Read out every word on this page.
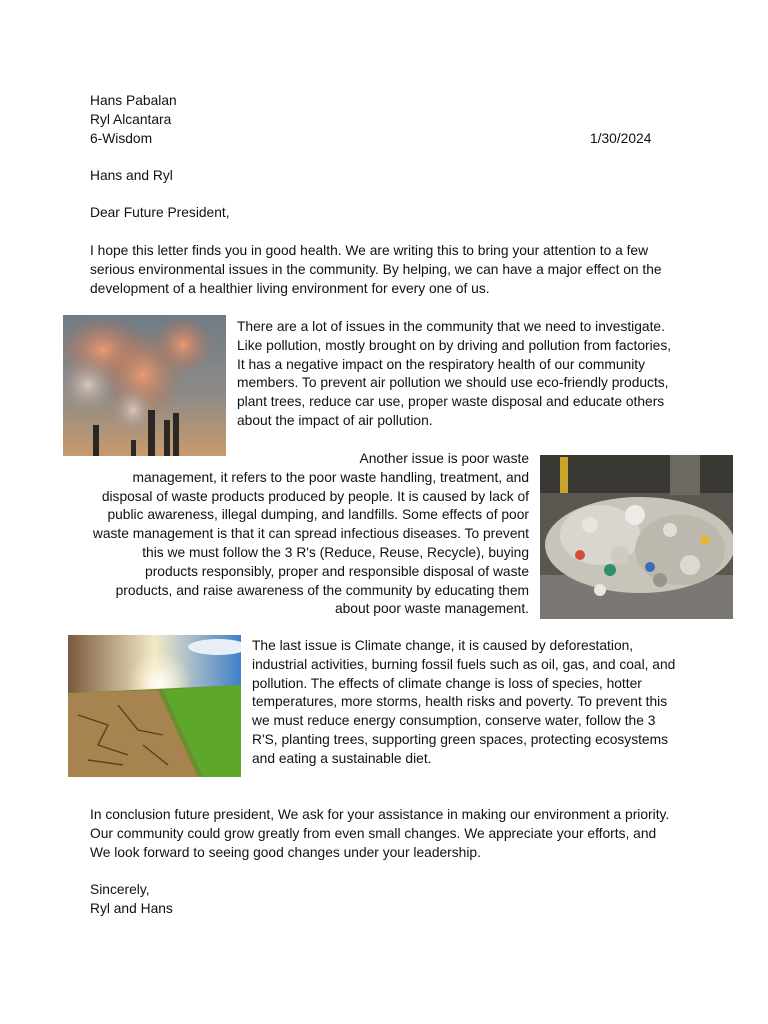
Hans Pabalan
Ryl Alcantara
6-Wisdom	1/30/2024
Hans and Ryl
Dear Future President,
I hope this letter finds you in good health. We are writing this to bring your attention to a few
serious environmental issues in the community. By helping, we can have a major effect on the
development of a healthier living environment for every one of us.
There are a lot of issues in the community that we need to investigate.
Like pollution, mostly brought on by driving and pollution from factories,
It has a negative impact on the respiratory health of our community
members. To prevent air pollution we should use eco-friendly products,
plant trees, reduce car use, proper waste disposal and educate others
about the impact of air pollution.
Another issue is poor waste
management, it refers to the poor waste handling, treatment, and
disposal of waste products produced by people. It is caused by lack of
public awareness, illegal dumping, and landfills. Some effects of poor
waste management is that it can spread infectious diseases. To prevent
this we must follow the 3 R's (Reduce, Reuse, Recycle), buying
products responsibly, proper and responsible disposal of waste
products, and raise awareness of the community by educating them
about poor waste management.
The last issue is Climate change, it is caused by deforestation,
industrial activities, burning fossil fuels such as oil, gas, and coal, and
pollution. The effects of climate change is loss of species, hotter
temperatures, more storms, health risks and poverty. To prevent this
we must reduce energy consumption, conserve water, follow the 3
R'S, planting trees, supporting green spaces, protecting ecosystems
and eating a sustainable diet.
In conclusion future president, We ask for your assistance in making our environment a priority.
Our community could grow greatly from even small changes. We appreciate your efforts, and
We look forward to seeing good changes under your leadership.
Sincerely,
Ryl and Hans
